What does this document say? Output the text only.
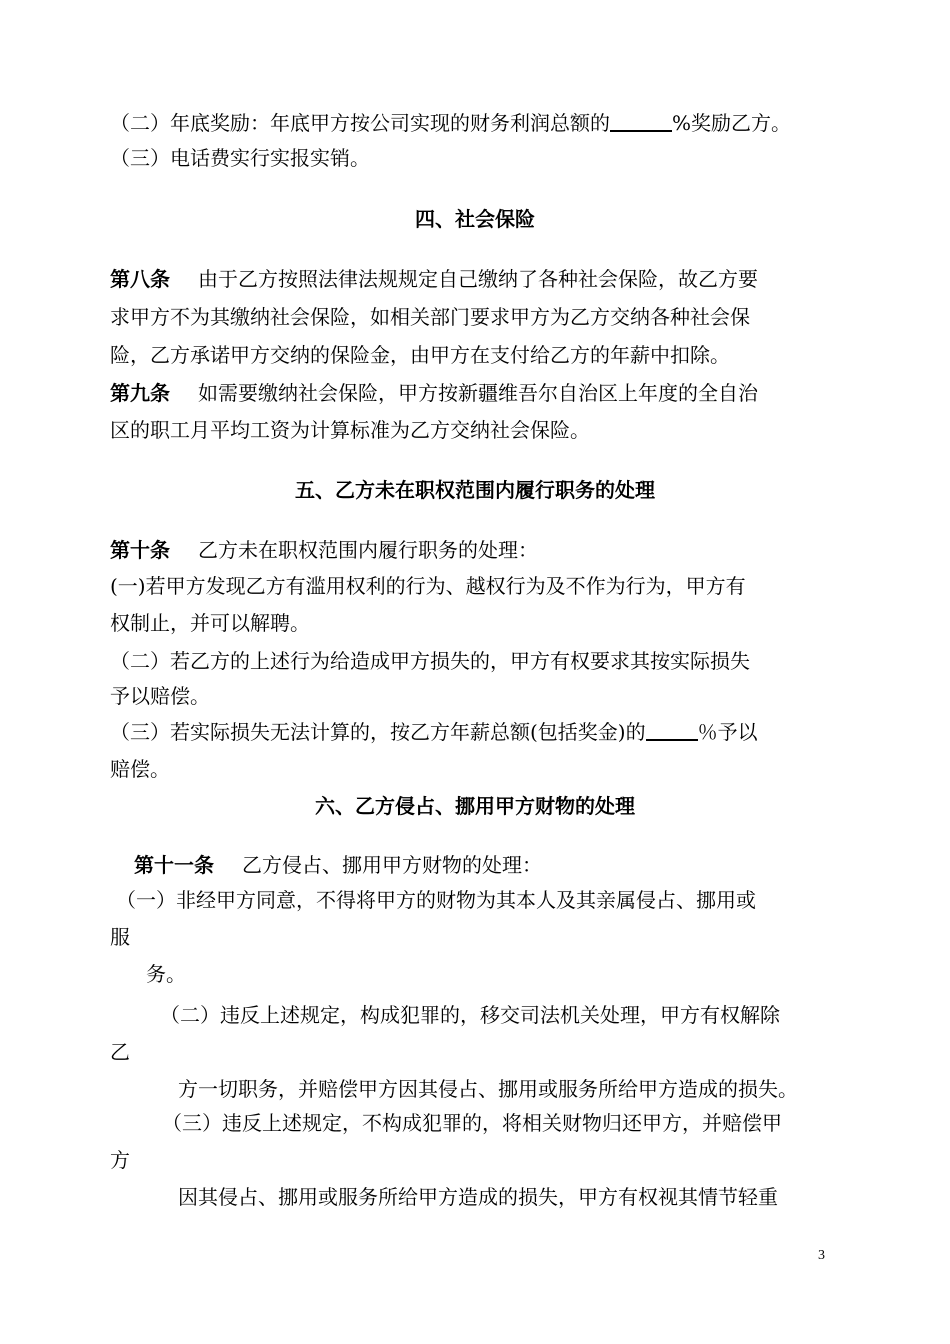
（二）年底奖励：年底甲方按公司实现的财务利润总额的	%奖励乙方。
（三）电话费实行实报实销。
四、社会保险
第八条 由于乙方按照法律法规规定自己缴纳了各种社会保险，故乙方要
求甲方不为其缴纳社会保险，如相关部门要求甲方为乙方交纳各种社会保
险，乙方承诺甲方交纳的保险金，由甲方在支付给乙方的年薪中扣除。
第九条 如需要缴纳社会保险，甲方按新疆维吾尔自治区上年度的全自治
区的职工月平均工资为计算标准为乙方交纳社会保险。
五、乙方未在职权范围内履行职务的处理
第十条 乙方未在职权范围内履行职务的处理：
(一)若甲方发现乙方有滥用权利的行为、越权行为及不作为行为，甲方有
权制止，并可以解聘。
（二）若乙方的上述行为给造成甲方损失的，甲方有权要求其按实际损失
予以赔偿。
（三）若实际损失无法计算的，按乙方年薪总额(包括奖金)的	％予以
赔偿。
六、乙方侵占、挪用甲方财物的处理
第十一条 乙方侵占、挪用甲方财物的处理：
（一）非经甲方同意，不得将甲方的财物为其本人及其亲属侵占、挪用或
服
务。
（二）违反上述规定，构成犯罪的，移交司法机关处理，甲方有权解除
乙
方一切职务，并赔偿甲方因其侵占、挪用或服务所给甲方造成的损失。
（三）违反上述规定，不构成犯罪的，将相关财物归还甲方，并赔偿甲
方
因其侵占、挪用或服务所给甲方造成的损失，甲方有权视其情节轻重
3
